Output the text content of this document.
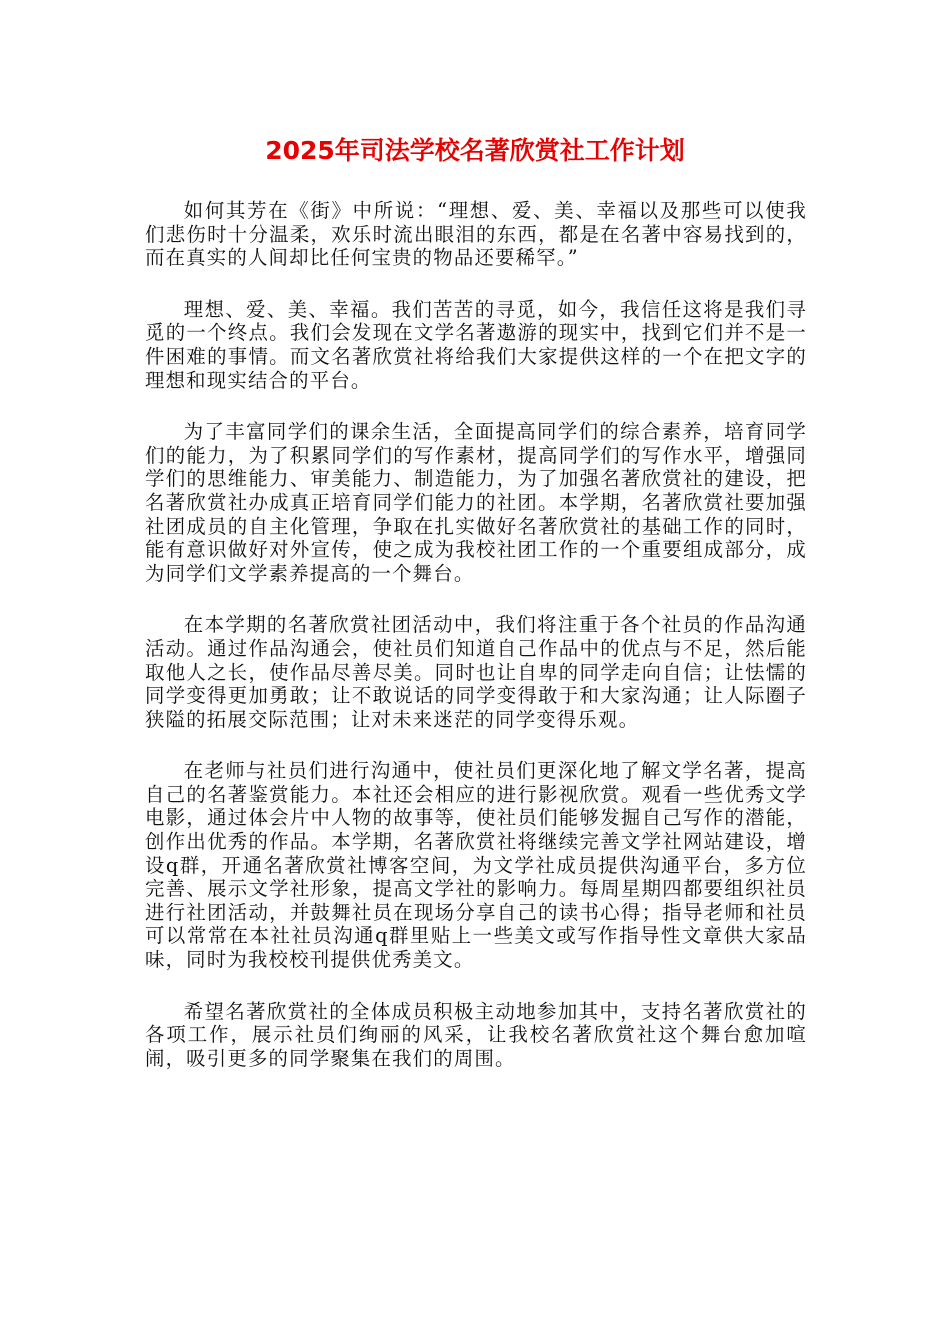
2025年司法学校名著欣赏社工作计划

如何其芳在《街》中所说：“理想、爱、美、幸福以及那些可以使我们悲伤时十分温柔，欢乐时流出眼泪的东西，都是在名著中容易找到的，而在真实的人间却比任何宝贵的物品还要稀罕。”

理想、爱、美、幸福。我们苦苦的寻觅，如今，我信任这将是我们寻觅的一个终点。我们会发现在文学名著遨游的现实中，找到它们并不是一件困难的事情。而文名著欣赏社将给我们大家提供这样的一个在把文字的理想和现实结合的平台。

为了丰富同学们的课余生活，全面提高同学们的综合素养，培育同学们的能力，为了积累同学们的写作素材，提高同学们的写作水平，增强同学们的思维能力、审美能力、制造能力，为了加强名著欣赏社的建设，把名著欣赏社办成真正培育同学们能力的社团。本学期，名著欣赏社要加强社团成员的自主化管理，争取在扎实做好名著欣赏社的基础工作的同时，能有意识做好对外宣传，使之成为我校社团工作的一个重要组成部分，成为同学们文学素养提高的一个舞台。

在本学期的名著欣赏社团活动中，我们将注重于各个社员的作品沟通活动。通过作品沟通会，使社员们知道自己作品中的优点与不足，然后能取他人之长，使作品尽善尽美。同时也让自卑的同学走向自信；让怯懦的同学变得更加勇敢；让不敢说话的同学变得敢于和大家沟通；让人际圈子狭隘的拓展交际范围；让对未来迷茫的同学变得乐观。

在老师与社员们进行沟通中，使社员们更深化地了解文学名著，提高自己的名著鉴赏能力。本社还会相应的进行影视欣赏。观看一些优秀文学电影，通过体会片中人物的故事等，使社员们能够发掘自己写作的潜能，创作出优秀的作品。本学期，名著欣赏社将继续完善文学社网站建设，增设q群，开通名著欣赏社博客空间，为文学社成员提供沟通平台，多方位完善、展示文学社形象，提高文学社的影响力。每周星期四都要组织社员进行社团活动，并鼓舞社员在现场分享自己的读书心得；指导老师和社员可以常常在本社社员沟通q群里贴上一些美文或写作指导性文章供大家品味，同时为我校校刊提供优秀美文。

希望名著欣赏社的全体成员积极主动地参加其中，支持名著欣赏社的各项工作，展示社员们绚丽的风采，让我校名著欣赏社这个舞台愈加喧闹，吸引更多的同学聚集在我们的周围。
